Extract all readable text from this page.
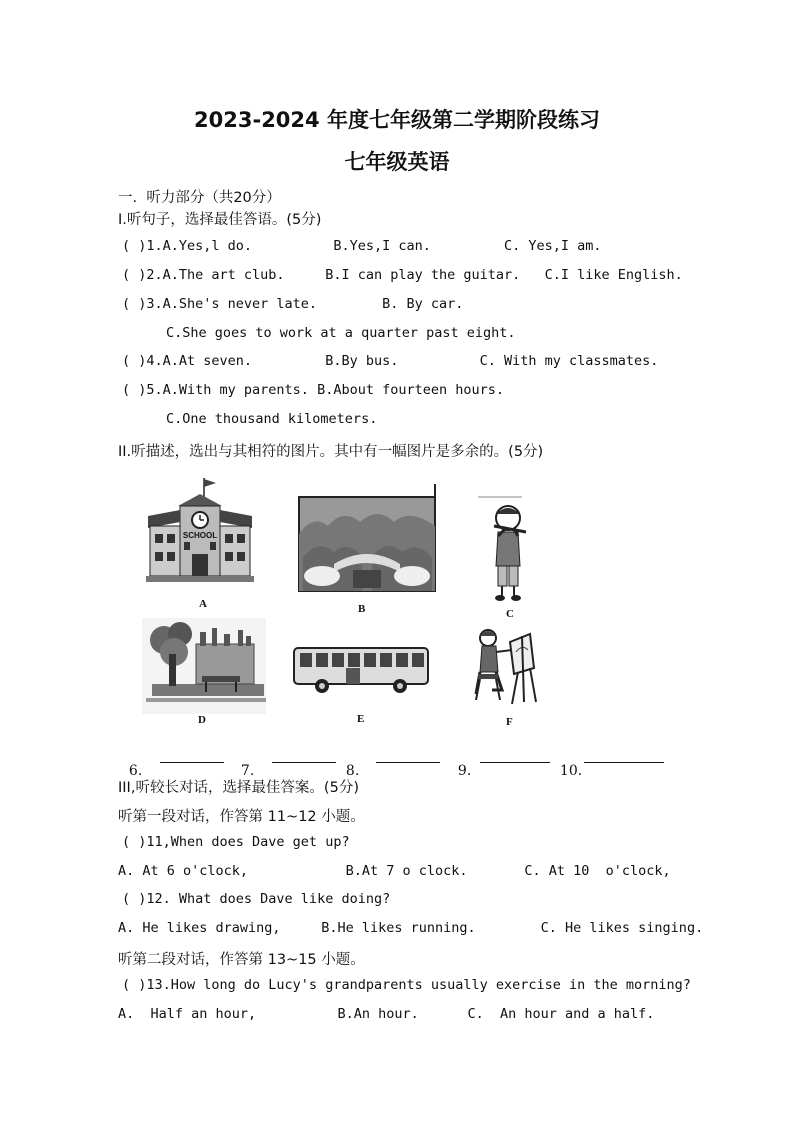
2023-2024 年度七年级第二学期阶段练习
七年级英语
一.  听力部分（共20分）
I.听句子，选择最佳答语。(5分)
( )1.A.Yes,l do.          B.Yes,I can.         C. Yes,I am.
( )2.A.The art club.     B.I can play the guitar.   C.I like English.
( )3.A.She's never late.        B. By car.
C.She goes to work at a quarter past eight.
( )4.A.At seven.         B.By bus.          C. With my classmates.
( )5.A.With my parents. B.About fourteen hours.
C.One thousand kilometers.
II.听描述，选出与其相符的图片。其中有一幅图片是多余的。(5分)
SCHOOL
A	B	C
D	E	F

6.	7.	8.	9.	10.

III,听较长对话，选择最佳答案。(5分)
听第一段对话，作答第 11~12 小题。
( )11,When does Dave get up?
A. At 6 o'clock,            B.At 7 o clock.       C. At 10  o'clock,
( )12. What does Dave like doing?
A. He likes drawing,     B.He likes running.        C. He likes singing.
听第二段对话，作答第 13~15 小题。
( )13.How long do Lucy's grandparents usually exercise in the morning?
A.  Half an hour,          B.An hour.      C.  An hour and a half.
